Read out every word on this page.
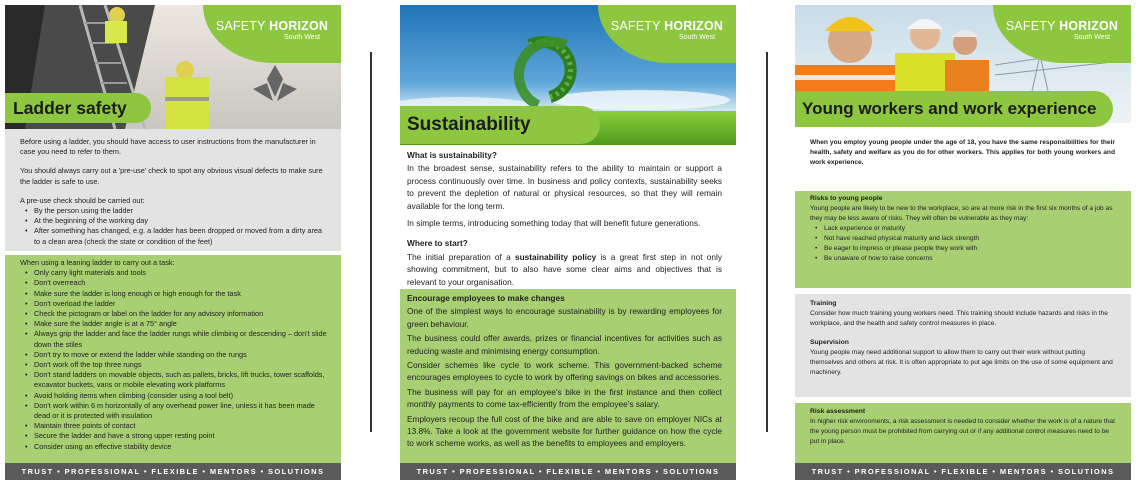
SAFETY HORIZON
South West
Ladder safety

Before using a ladder, you should have access to user instructions from the manufacturer in case you need to refer to them.

You should always carry out a 'pre-use' check to spot any obvious visual defects to make sure the ladder is safe to use.

A pre-use check should be carried out:
• By the person using the ladder
• At the beginning of the working day
• After something has changed, e.g. a ladder has been dropped or moved from a dirty area to a clean area (check the state or condition of the feet)
When using a leaning ladder to carry out a task:
• Only carry light materials and tools
• Don't overreach
• Make sure the ladder is long enough or high enough for the task
• Don't overload the ladder
• Check the pictogram or label on the ladder for any advisory information
• Make sure the ladder angle is at a 75° angle
• Always grip the ladder and face the ladder rungs while climbing or descending – don't slide down the stiles
• Don't try to move or extend the ladder while standing on the rungs
• Don't work off the top three rungs
• Don't stand ladders on movable objects, such as pallets, bricks, lift trucks, tower scaffolds, excavator buckets, vans or mobile elevating work platforms
• Avoid holding items when climbing (consider using a tool belt)
• Don't work within 6 m horizontally of any overhead power line, unless it has been made dead or it is protected with insulation
• Maintain three points of contact
• Secure the ladder and have a strong upper resting point
• Consider using an effective stability device
TRUST • PROFESSIONAL • FLEXIBLE • MENTORS • SOLUTIONS
SAFETY HORIZON
South West
Sustainability
What is sustainability?

In the broadest sense, sustainability refers to the ability to maintain or support a process continuously over time. In business and policy contexts, sustainability seeks to prevent the depletion of natural or physical resources, so that they will remain available for the long term.

In simple terms, introducing something today that will benefit future generations.

Where to start?

The initial preparation of a sustainability policy is a great first step in not only showing commitment, but to also have some clear aims and objectives that is relevant to your organisation.

Encourage employees to make changes

One of the simplest ways to encourage sustainability is by rewarding employees for green behaviour.

The business could offer awards, prizes or financial incentives for activities such as reducing waste and minimising energy consumption.

Consider schemes like cycle to work scheme. This government-backed scheme encourages employees to cycle to work by offering savings on bikes and accessories.

The business will pay for an employee's bike in the first instance and then collect monthly payments to come tax-efficiently from the employee's salary.

Employers recoup the full cost of the bike and are able to save on employer NICs at 13.8%. Take a look at the government website for further guidance on how the cycle to work scheme works, as well as the benefits to employees and employers.

TRUST • PROFESSIONAL • FLEXIBLE • MENTORS • SOLUTIONS
SAFETY HORIZON
South West
Young workers and work experience
When you employ young people under the age of 18, you have the same responsibilities for their health, safety and welfare as you do for other workers. This applies for both young workers and work experience.
Risks to young people

Young people are likely to be new to the workplace, so are at more risk in the first six months of a job as they may be less aware of risks. They will often be vulnerable as they may:

• Lack experience or maturity
• Not have reached physical maturity and lack strength
• Be eager to impress or please people they work with
• Be unaware of how to raise concerns
Training

Consider how much training young workers need. This training should include hazards and risks in the workplace, and the health and safety control measures in place.

Supervision

Young people may need additional support to allow them to carry out their work without putting themselves and others at risk. It is often appropriate to put age limits on the use of some equipment and machinery.

Risk assessment

In higher risk environments, a risk assessment is needed to consider whether the work is of a nature that the young person must be prohibited from carrying out or if any additional control measures need to be put in place.

TRUST • PROFESSIONAL • FLEXIBLE • MENTORS • SOLUTIONS
